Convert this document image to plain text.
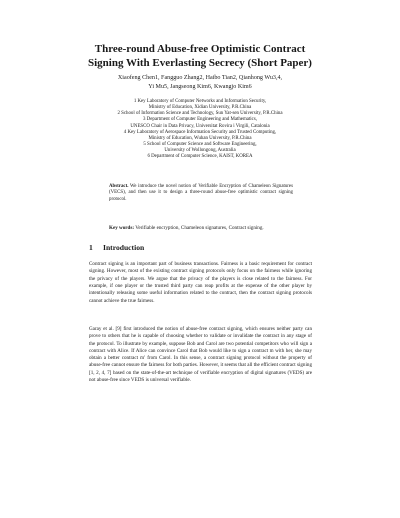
Three-round Abuse-free Optimistic Contract
Signing With Everlasting Secrecy (Short Paper)
Xiaofeng Chen1, Fangguo Zhang2, Haibo Tian2, Qianhong Wu3,4,
Yi Mu5, Jangseong Kim6, Kwangjo Kim6
1 Key Laboratory of Computer Networks and Information Security,
Ministry of Education, Xidian University, P.R.China
2 School of Information Science and Technology, Sun Yat-sen University, P.R.China
3 Department of Computer Engineering and Mathematics,
UNESCO Chair in Data Privacy, Universitat Rovira i Virgili, Catalonia
4 Key Laboratory of Aerospace Information Security and Trusted Computing,
Ministry of Education, Wuhan University, P.R.China
5 School of Computer Science and Software Engineering,
University of Wollongong, Australia
6 Department of Computer Science, KAIST, KOREA
Abstract. We introduce the novel notion of Verifiable Encryption of Chameleon Signatures (VECS), and then use it to design a three-round abuse-free optimistic contract signing protocol.
Key words: Verifiable encryption, Chameleon signatures, Contract signing.
1 Introduction
Contract signing is an important part of business transactions. Fairness is a basic requirement for contract signing. However, most of the existing contract signing protocols only focus on the fairness while ignoring the privacy of the players. We argue that the privacy of the players is close related to the fairness. For example, if one player or the trusted third party can reap profits at the expense of the other player by intentionally releasing some useful information related to the contract, then the contract signing protocols cannot achieve the true fairness.
Garay et al. [9] first introduced the notion of abuse-free contract signing, which ensures neither party can prove to others that he is capable of choosing whether to validate or invalidate the contract in any stage of the protocol. To illustrate by example, suppose Bob and Carol are two potential competitors who will sign a contract with Alice. If Alice can convince Carol that Bob would like to sign a contract m with her, she may obtain a better contract m′ from Carol. In this sense, a contract signing protocol without the property of abuse-free cannot ensure the fairness for both parties. However, it seems that all the efficient contract signing [1, 2, 4, 7] based on the state-of-the-art technique of verifiable encryption of digital signatures (VEDS) are not abuse-free since VEDS is universal verifiable.
